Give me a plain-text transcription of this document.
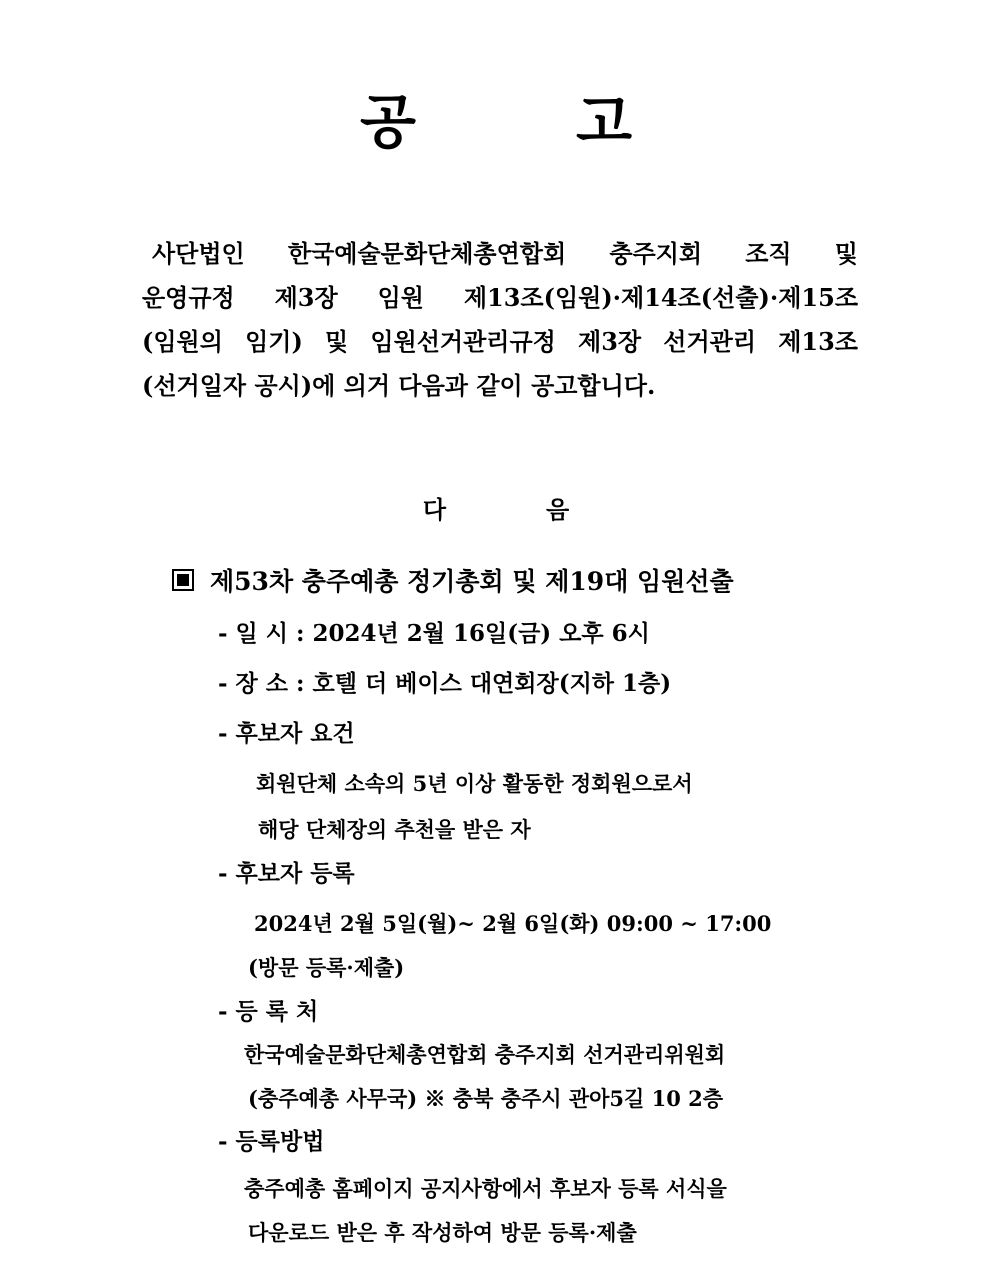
공	고
사단법인 한국예술문화단체총연합회 충주지회 조직 및
운영규정 제3장 임원 제13조(임원)·제14조(선출)·제15조
(임원의 임기) 및 임원선거관리규정 제3장 선거관리 제13조
(선거일자 공시)에 의거 다음과 같이 공고합니다.
다	음
제53차 충주예총 정기총회 및 제19대 임원선출
- 일 시 : 2024년 2월 16일(금) 오후 6시
- 장 소 : 호텔 더 베이스 대연회장(지하 1층)
- 후보자 요건
회원단체 소속의 5년 이상 활동한 정회원으로서
해당 단체장의 추천을 받은 자
- 후보자 등록
2024년 2월 5일(월)~ 2월 6일(화) 09:00 ~ 17:00
(방문 등록·제출)
- 등 록 처
한국예술문화단체총연합회 충주지회 선거관리위원회
(충주예총 사무국) ※ 충북 충주시 관아5길 10 2층
- 등록방법
충주예총 홈페이지 공지사항에서 후보자 등록 서식을
다운로드 받은 후 작성하여 방문 등록·제출
